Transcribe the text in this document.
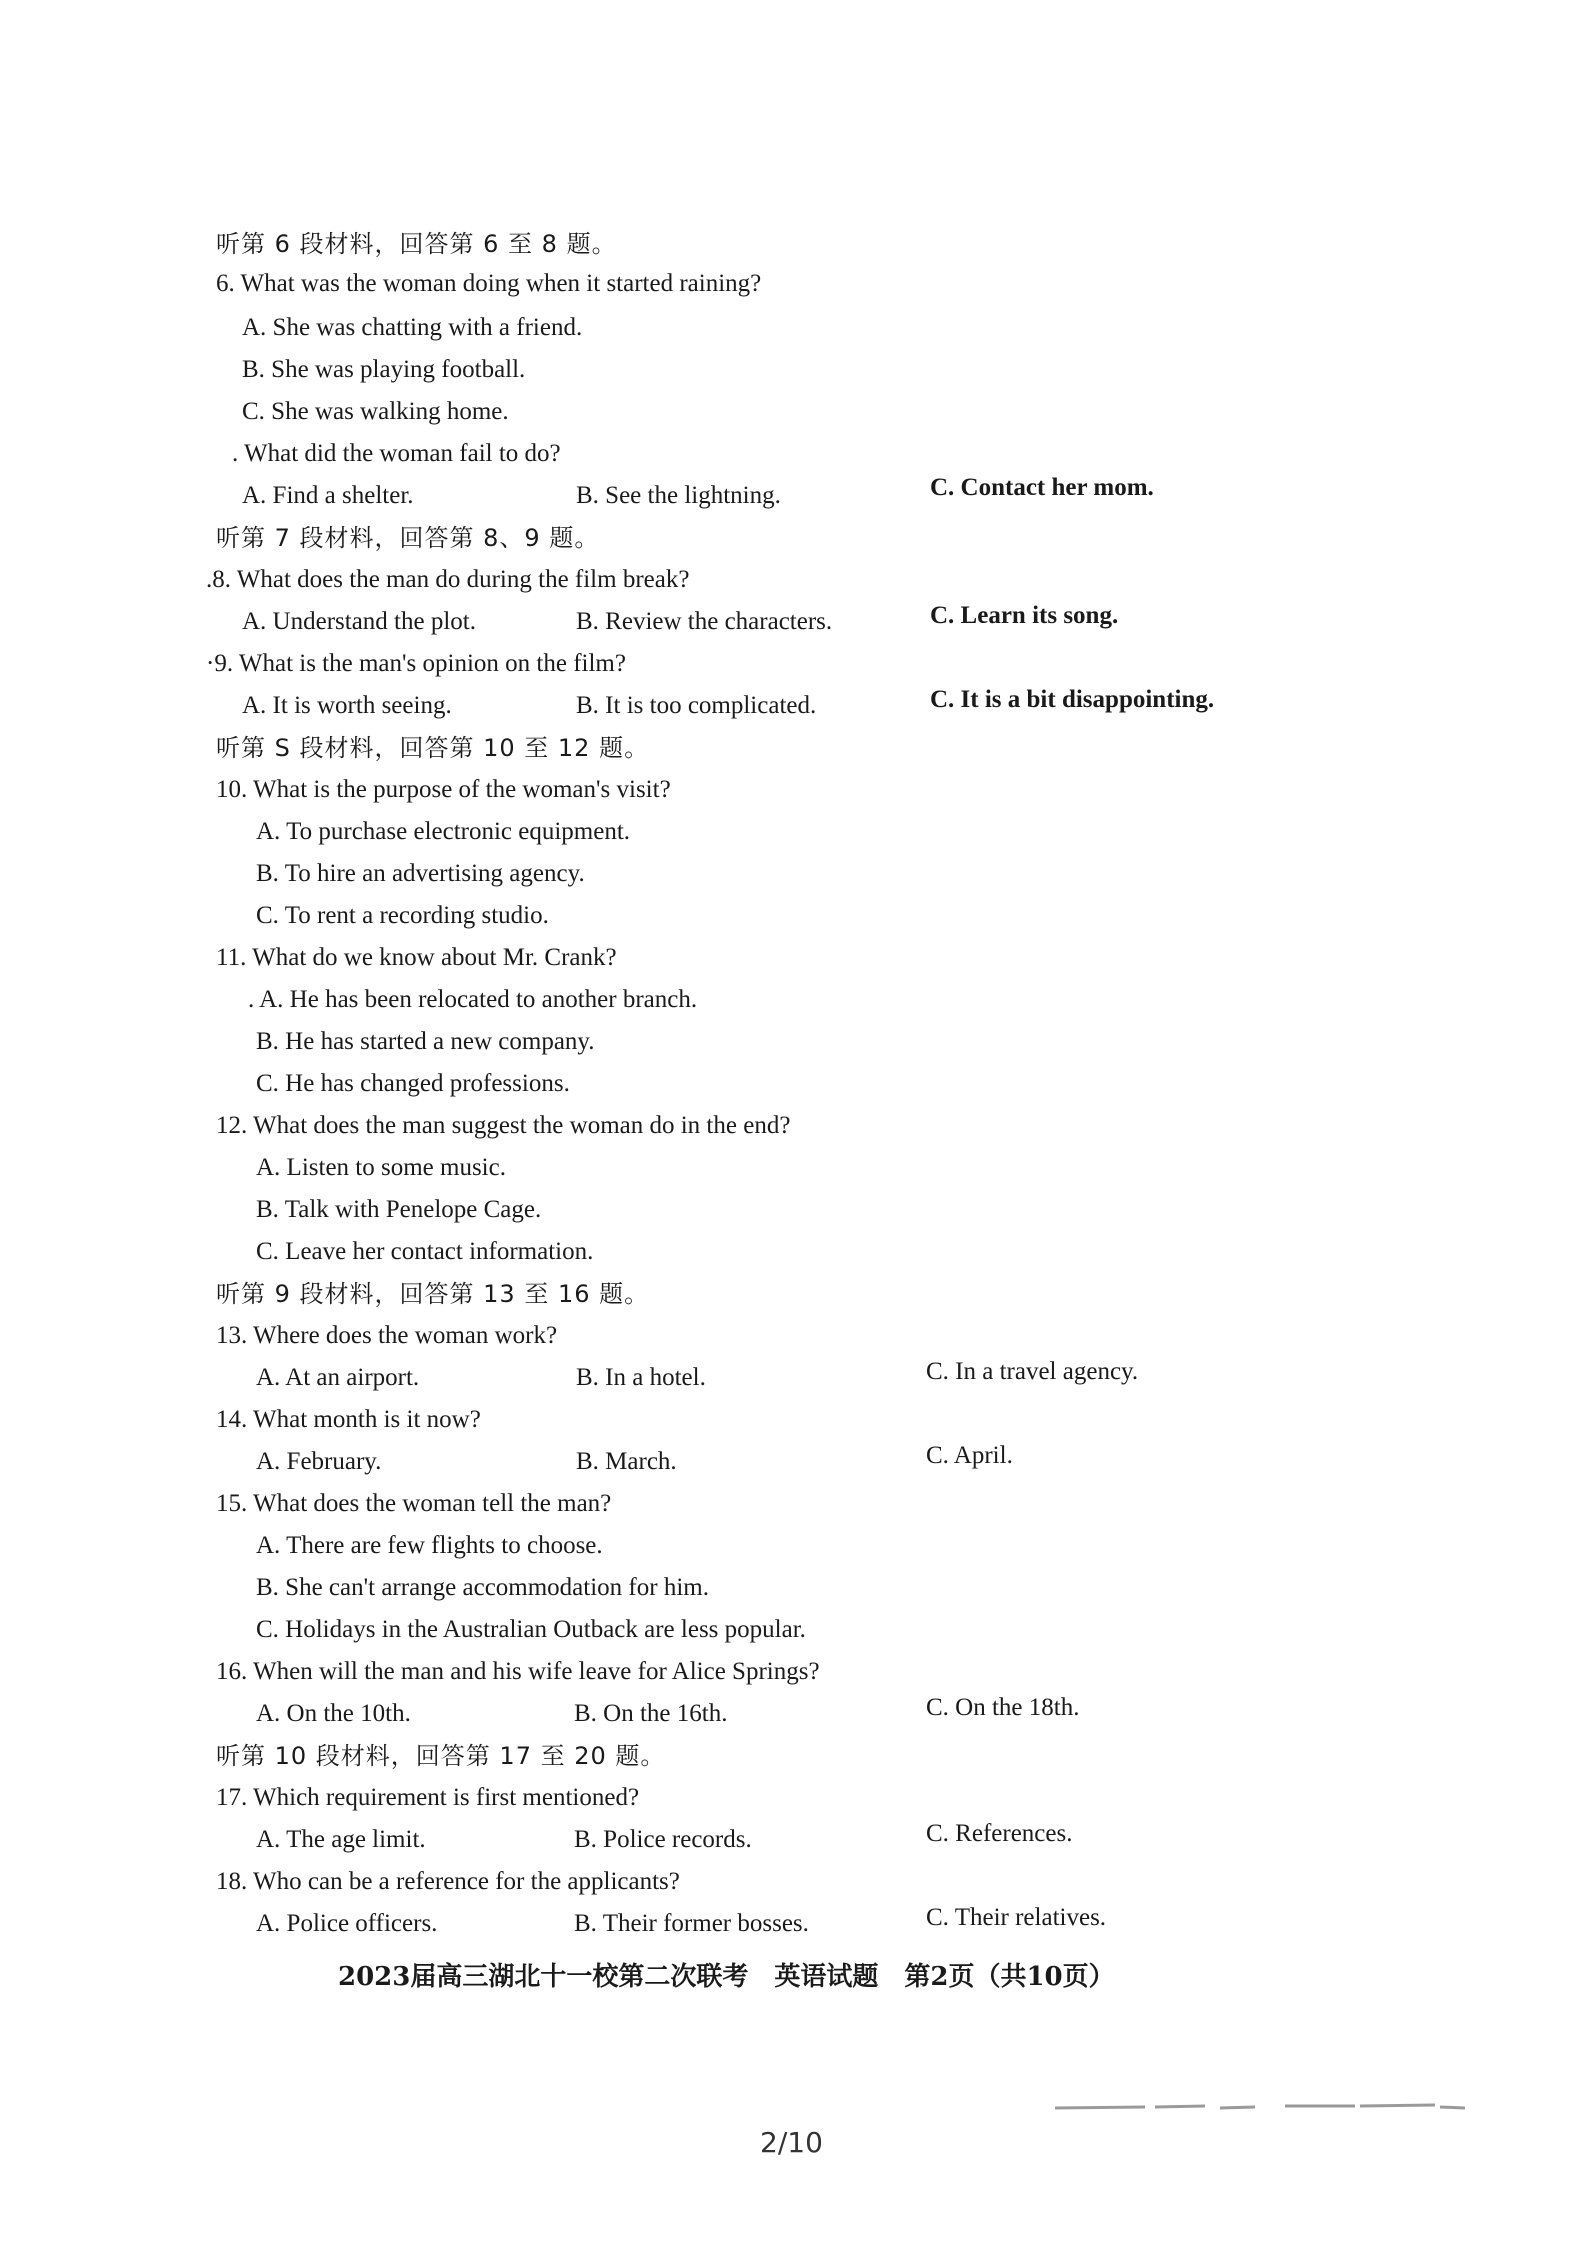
听第 6 段材料，回答第 6 至 8 题。
6. What was the woman doing when it started raining?
A. She was chatting with a friend.
B. She was playing football.
C. She was walking home.
. What did the woman fail to do?
A. Find a shelter.	B. See the lightning.	C. Contact her mom.
听第 7 段材料，回答第 8、9 题。
.8. What does the man do during the film break?
A. Understand the plot.	B. Review the characters.	C. Learn its song.
·9. What is the man's opinion on the film?
A. It is worth seeing.	B. It is too complicated.	C. It is a bit disappointing.
听第 S 段材料，回答第 10 至 12 题。
10. What is the purpose of the woman's visit?
A. To purchase electronic equipment.
B. To hire an advertising agency.
C. To rent a recording studio.
11. What do we know about Mr. Crank?
. A. He has been relocated to another branch.
B. He has started a new company.
C. He has changed professions.
12. What does the man suggest the woman do in the end?
A. Listen to some music.
B. Talk with Penelope Cage.
C. Leave her contact information.
听第 9 段材料，回答第 13 至 16 题。
13. Where does the woman work?
A. At an airport.	B. In a hotel.	C. In a travel agency.
14. What month is it now?
A. February.	B. March.	C. April.
15. What does the woman tell the man?
A. There are few flights to choose.
B. She can't arrange accommodation for him.
C. Holidays in the Australian Outback are less popular.
16. When will the man and his wife leave for Alice Springs?
A. On the 10th.	B. On the 16th.	C. On the 18th.
听第 10 段材料，回答第 17 至 20 题。
17. Which requirement is first mentioned?
A. The age limit.	B. Police records.	C. References.
18. Who can be a reference for the applicants?
A. Police officers.	B. Their former bosses.	C. Their relatives.
2023届高三湖北十一校第二次联考　英语试题　第2页（共10页）
2/10
